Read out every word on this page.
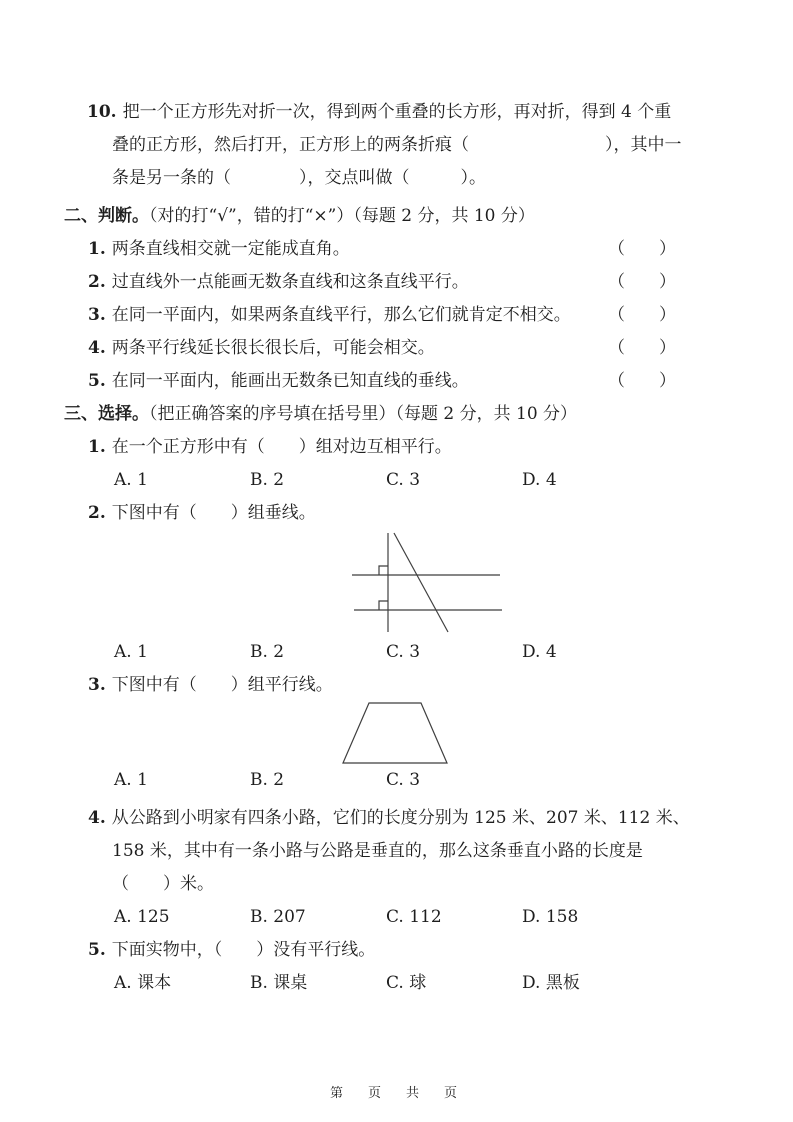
10. 把一个正方形先对折一次，得到两个重叠的长方形，再对折，得到 4 个重
叠的正方形，然后打开，正方形上的两条折痕（　　　　　　　　），其中一
条是另一条的（　　　　），交点叫做（　　　）。
二、判断。（对的打“√”，错的打“×”）（每题 2 分，共 10 分）
1. 两条直线相交就一定能成直角。	（　　）
2. 过直线外一点能画无数条直线和这条直线平行。	（　　）
3. 在同一平面内，如果两条直线平行，那么它们就肯定不相交。 （　　）
4. 两条平行线延长很长很长后，可能会相交。	（　　）
5. 在同一平面内，能画出无数条已知直线的垂线。	（　　）
三、选择。（把正确答案的序号填在括号里）（每题 2 分，共 10 分）
1. 在一个正方形中有（　　）组对边互相平行。
A. 1	B. 2	C. 3	D. 4
2. 下图中有（　　）组垂线。
A. 1	B. 2	C. 3	D. 4
3. 下图中有（　　）组平行线。
A. 1	B. 2	C. 3
4. 从公路到小明家有四条小路，它们的长度分别为 125 米、207 米、112 米、
158 米，其中有一条小路与公路是垂直的，那么这条垂直小路的长度是
（　　）米。
A. 125	B. 207	C. 112	D. 158
5. 下面实物中，（　　）没有平行线。
A. 课本	B. 课桌	C. 球	D. 黑板
第　页　共　页
